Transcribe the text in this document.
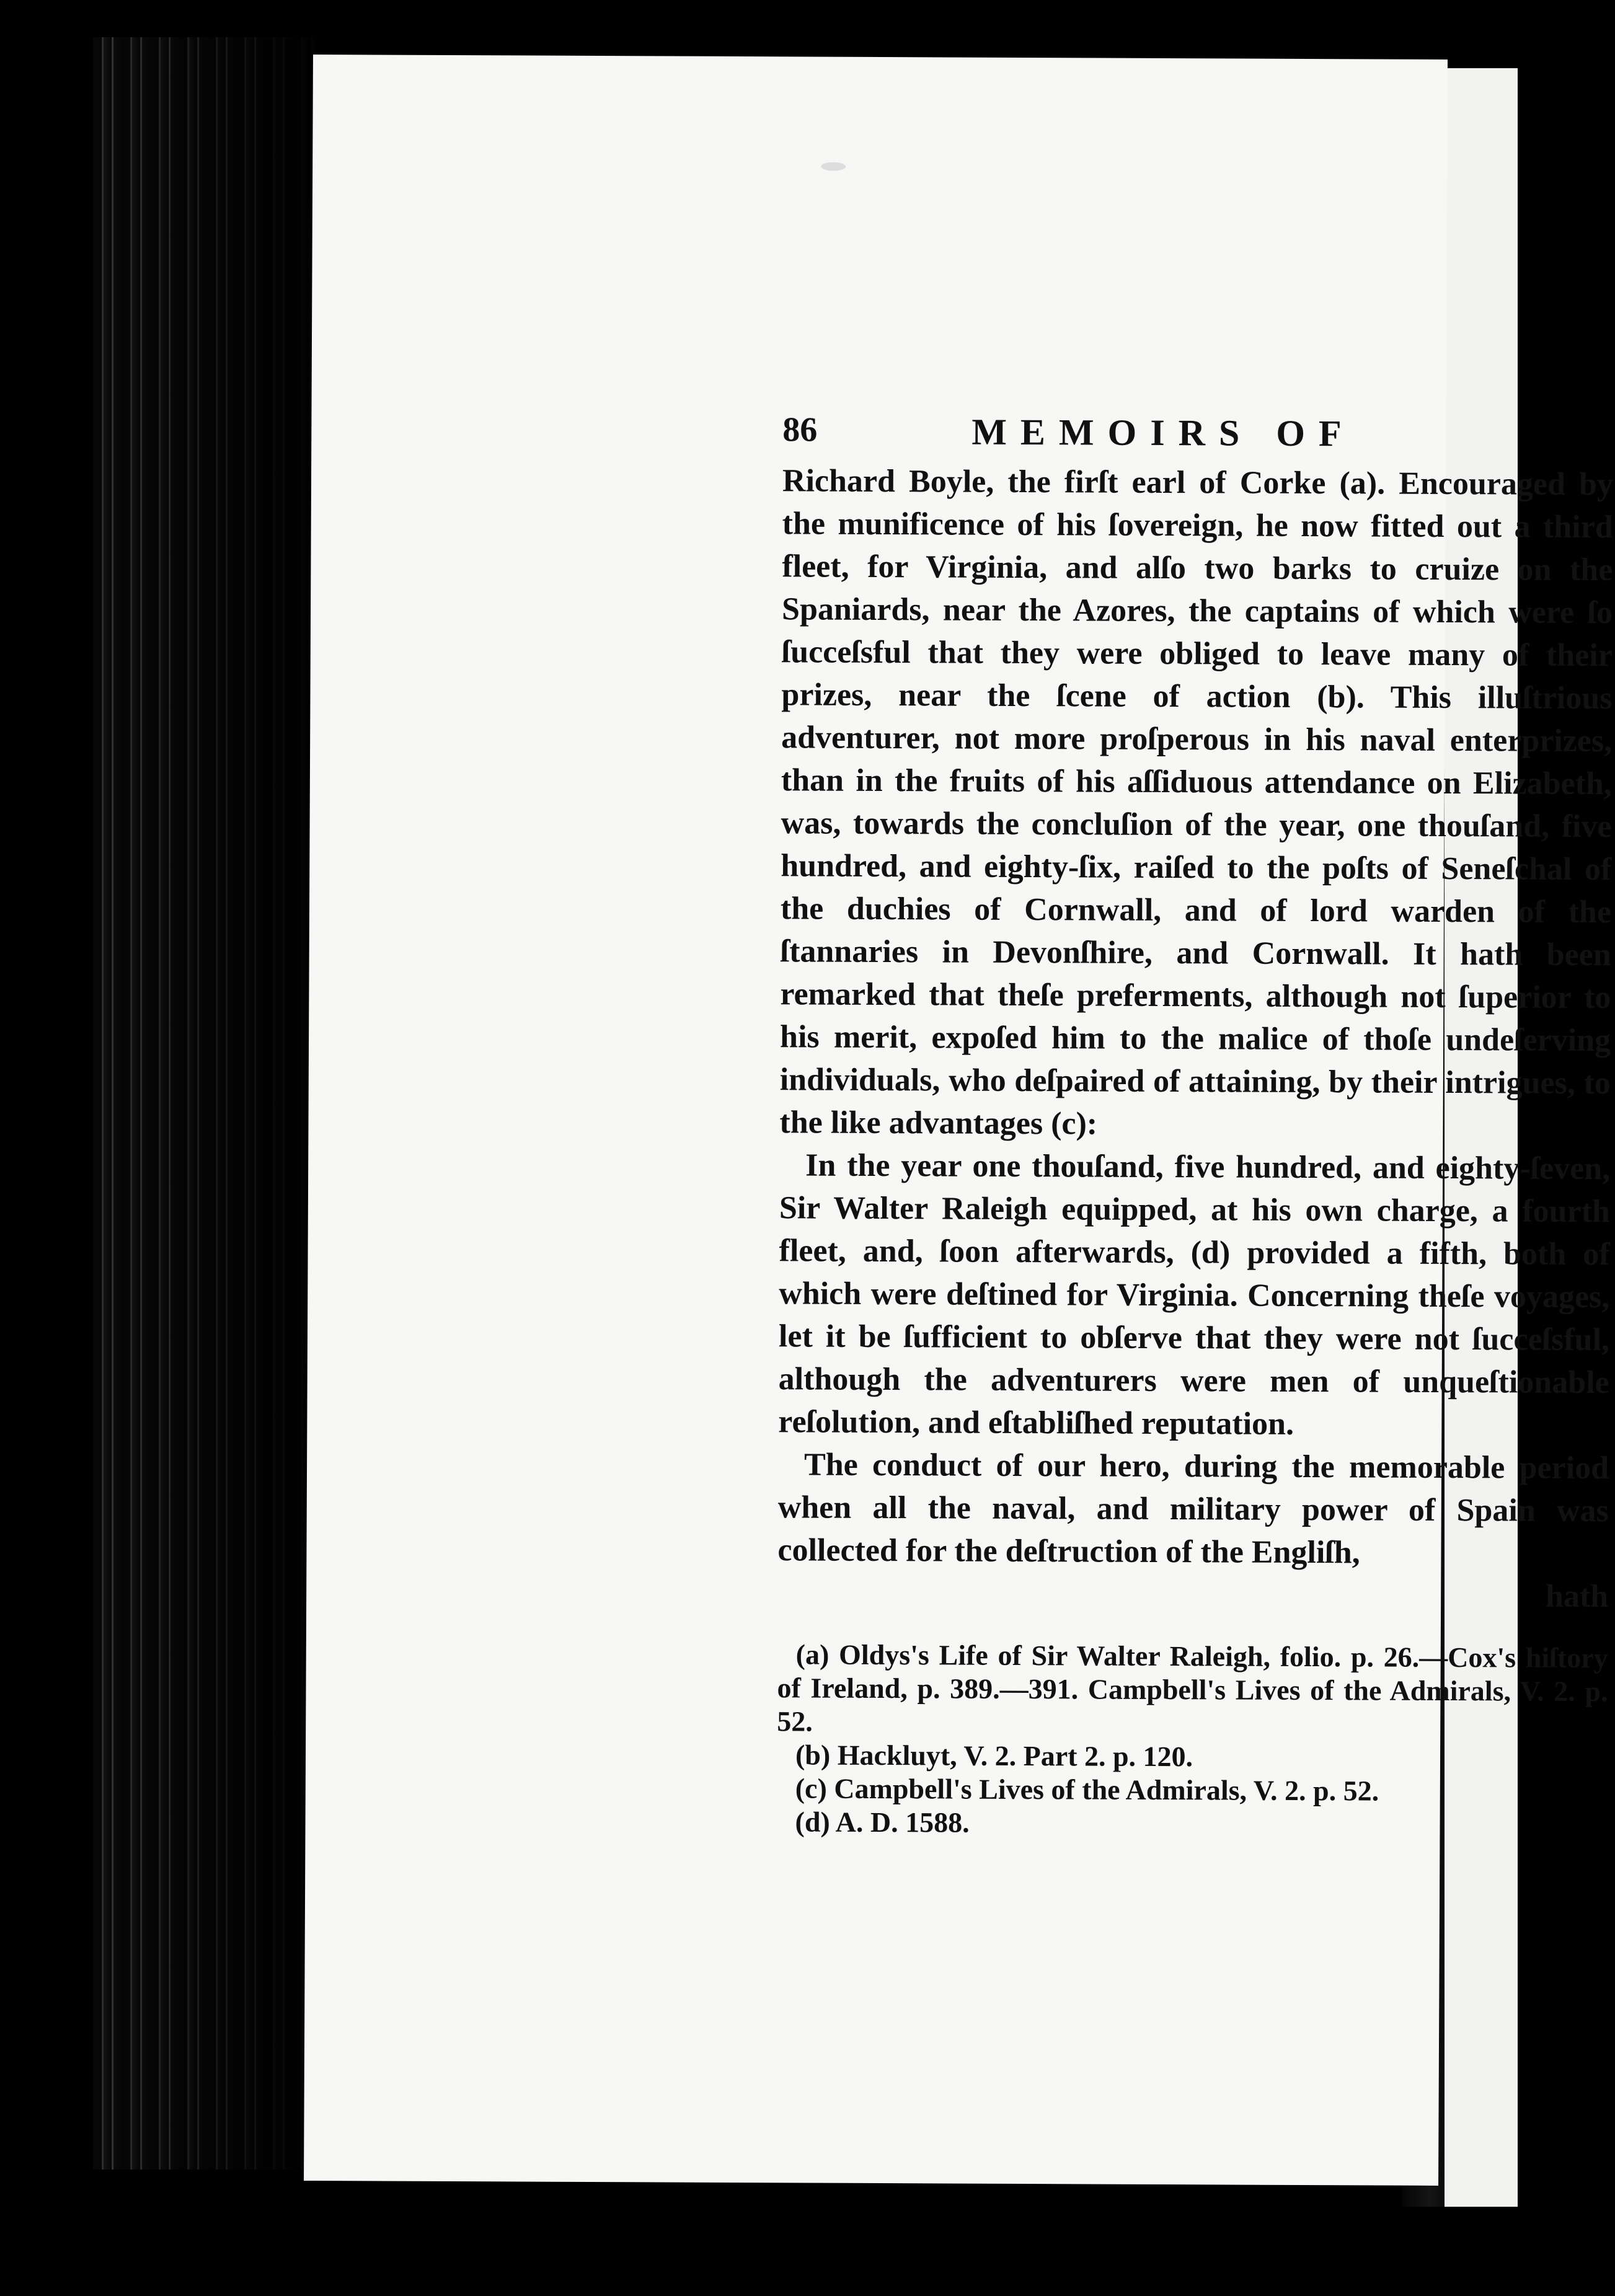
86	MEMOIRS OF

Richard Boyle, the firſt earl of Corke (a). Encouraged by the munificence of his ſovereign, he now fitted out a third fleet, for Virginia, and alſo two barks to cruize on the Spaniards, near the Azores, the captains of which were ſo ſucceſsful that they were obliged to leave many of their prizes, near the ſcene of action (b). This illuſtrious adventurer, not more proſperous in his naval enterprizes, than in the fruits of his aſſiduous attendance on Elizabeth, was, towards the concluſion of the year, one thouſand, five hundred, and eighty-ſix, raiſed to the poſts of Seneſchal of the duchies of Cornwall, and of lord warden of the ſtannaries in Devonſhire, and Cornwall. It hath been remarked that theſe preferments, although not ſuperior to his merit, expoſed him to the malice of thoſe undeſerving individuals, who deſpaired of attaining, by their intrigues, to the like advantages (c):

In the year one thouſand, five hundred, and eighty-ſeven, Sir Walter Raleigh equipped, at his own charge, a fourth fleet, and, ſoon afterwards, (d) provided a fifth, both of which were deſtined for Virginia. Concerning theſe voyages, let it be ſufficient to obſerve that they were not ſucceſsful, although the adventurers were men of unqueſtionable reſolution, and eſtabliſhed reputation.

The conduct of our hero, during the memorable period when all the naval, and military power of Spain was collected for the deſtruction of the Engliſh,

hath

(a) Oldys's Life of Sir Walter Raleigh, folio. p. 26.—Cox's hiſtory of Ireland, p. 389.—391. Campbell's Lives of the Admirals, V. 2. p. 52.

(b) Hackluyt, V. 2. Part 2. p. 120.

(c) Campbell's Lives of the Admirals, V. 2. p. 52.

(d) A. D. 1588.
